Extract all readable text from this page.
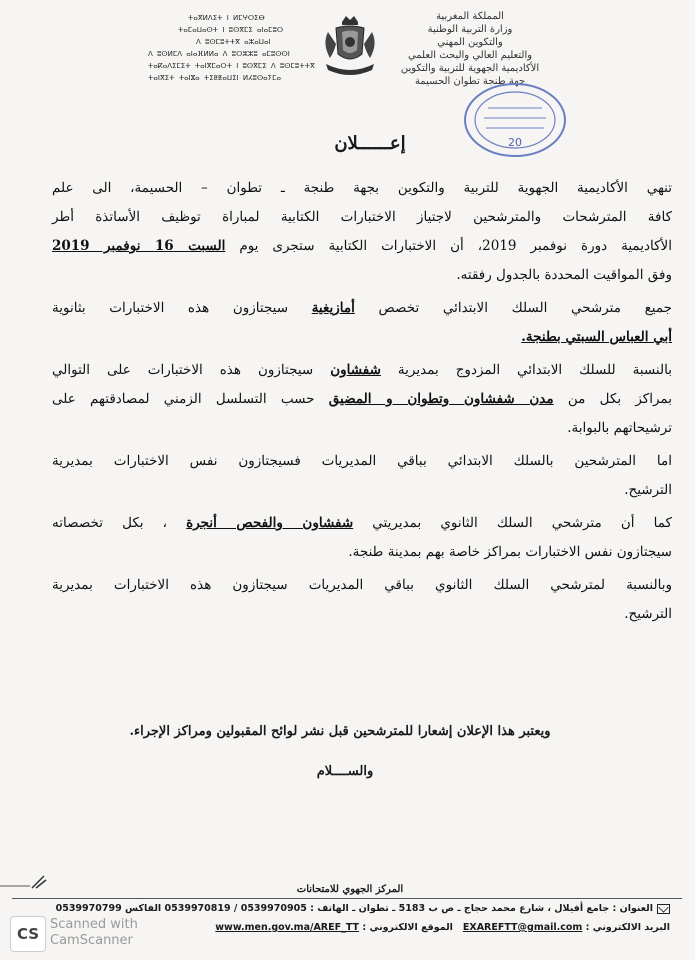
ⵜⴰⴳⵍⴷⵉⵜ ⵏ ⵍⵎⵖⵔⵉⴱ
ⵜⴰⵎⴰⵡⴰⵙⵜ ⵏ ⵓⵙⴳⵎⵉ ⴰⵏⴰⵎⵓⵔ
ⴷ ⵓⵙⵎⵓⵜⵜⴳ ⴰⵣⴰⵡⴰⵏ
ⴷ ⵓⵙⵍⵎⴷ ⴰⵏⴰⴼⵍⵍⴰ ⴷ ⵓⵔⵣⵣⵓ ⴰⵎⵓⵙⵙⵏ
ⵜⴰⴽⴰⴷⵉⵎⵉⵜ ⵜⴰⵏⴳⵎⴰⵔⵜ ⵏ ⵓⵙⴳⵎⵉ ⴷ ⵓⵙⵎⵓⵜⵜⴳ
ⵜⴰⵏⴳⵉⵜ ⵜⴰⵏⴵⴰ ⵜⵉⵟⵟⴰⵡⵉⵏ ⵍⵃⵓⵙⴰⵢⵎⴰ
المملكة المغربية
وزارة التربية الوطنية
والتكوين المهني
والتعليم العالي والبحث العلمي
الأكاديمية الجهوية للتربية والتكوين
جهة طنجة تطوان الحسيمة
20
إعــــــلان
تنهي الأكاديمية الجهوية للتربية والتكوين بجهة طنجة ـ تطوان – الحسيمة، الى علم
كافة المترشحات والمترشحين لاجتياز الاختبارات الكتابية لمباراة توظيف الأساتذة أطر
الأكاديمية دورة نوفمبر 2019، أن الاختبارات الكتابية ستجرى يوم السبت 16 نوفمبر 2019
وفق المواقيت المحددة بالجدول رفقته.
جميع مترشحي السلك الابتدائي تخصص أمازيغية سيجتازون هذه الاختبارات بثانوية
أبي العباس السبتي بطنجة.
بالنسبة للسلك الابتدائي المزدوج بمديرية شفشاون سيجتازون هذه الاختبارات على التوالي
بمراكز بكل من مدن شفشاون وتطوان و المضيق حسب التسلسل الزمني لمصادقتهم على
ترشيحاتهم بالبوابة.
اما المترشحين بالسلك الابتدائي بباقي المديريات فسيجتازون نفس الاختبارات بمديرية
الترشيح.
كما أن مترشحي السلك الثانوي بمديريتي شفشاون والفحص أنجرة ، بكل تخصصاته
سيجتازون نفس الاختبارات بمراكز خاصة بهم بمدينة طنجة.
وبالنسبة لمترشحي السلك الثانوي بباقي المديريات سيجتازون هذه الاختبارات بمديرية
الترشيح.
ويعتبر هذا الإعلان إشعارا للمترشحين قبل نشر لوائح المقبولين ومراكز الإجراء.
والســــلام
المركز الجهوي للامتحانات
العنوان : جامع أفيلال ، شارع محمد حجاج ـ ص ب 5183 ـ تطوان ـ الهاتف : 0539970905 / 0539970819 الفاكس 0539970799
البريد الالكتروني : EXAREFTT@gmail.com   الموقع الالكتروني : www.men.gov.ma/AREF_TT
CS
Scanned with
CamScanner
